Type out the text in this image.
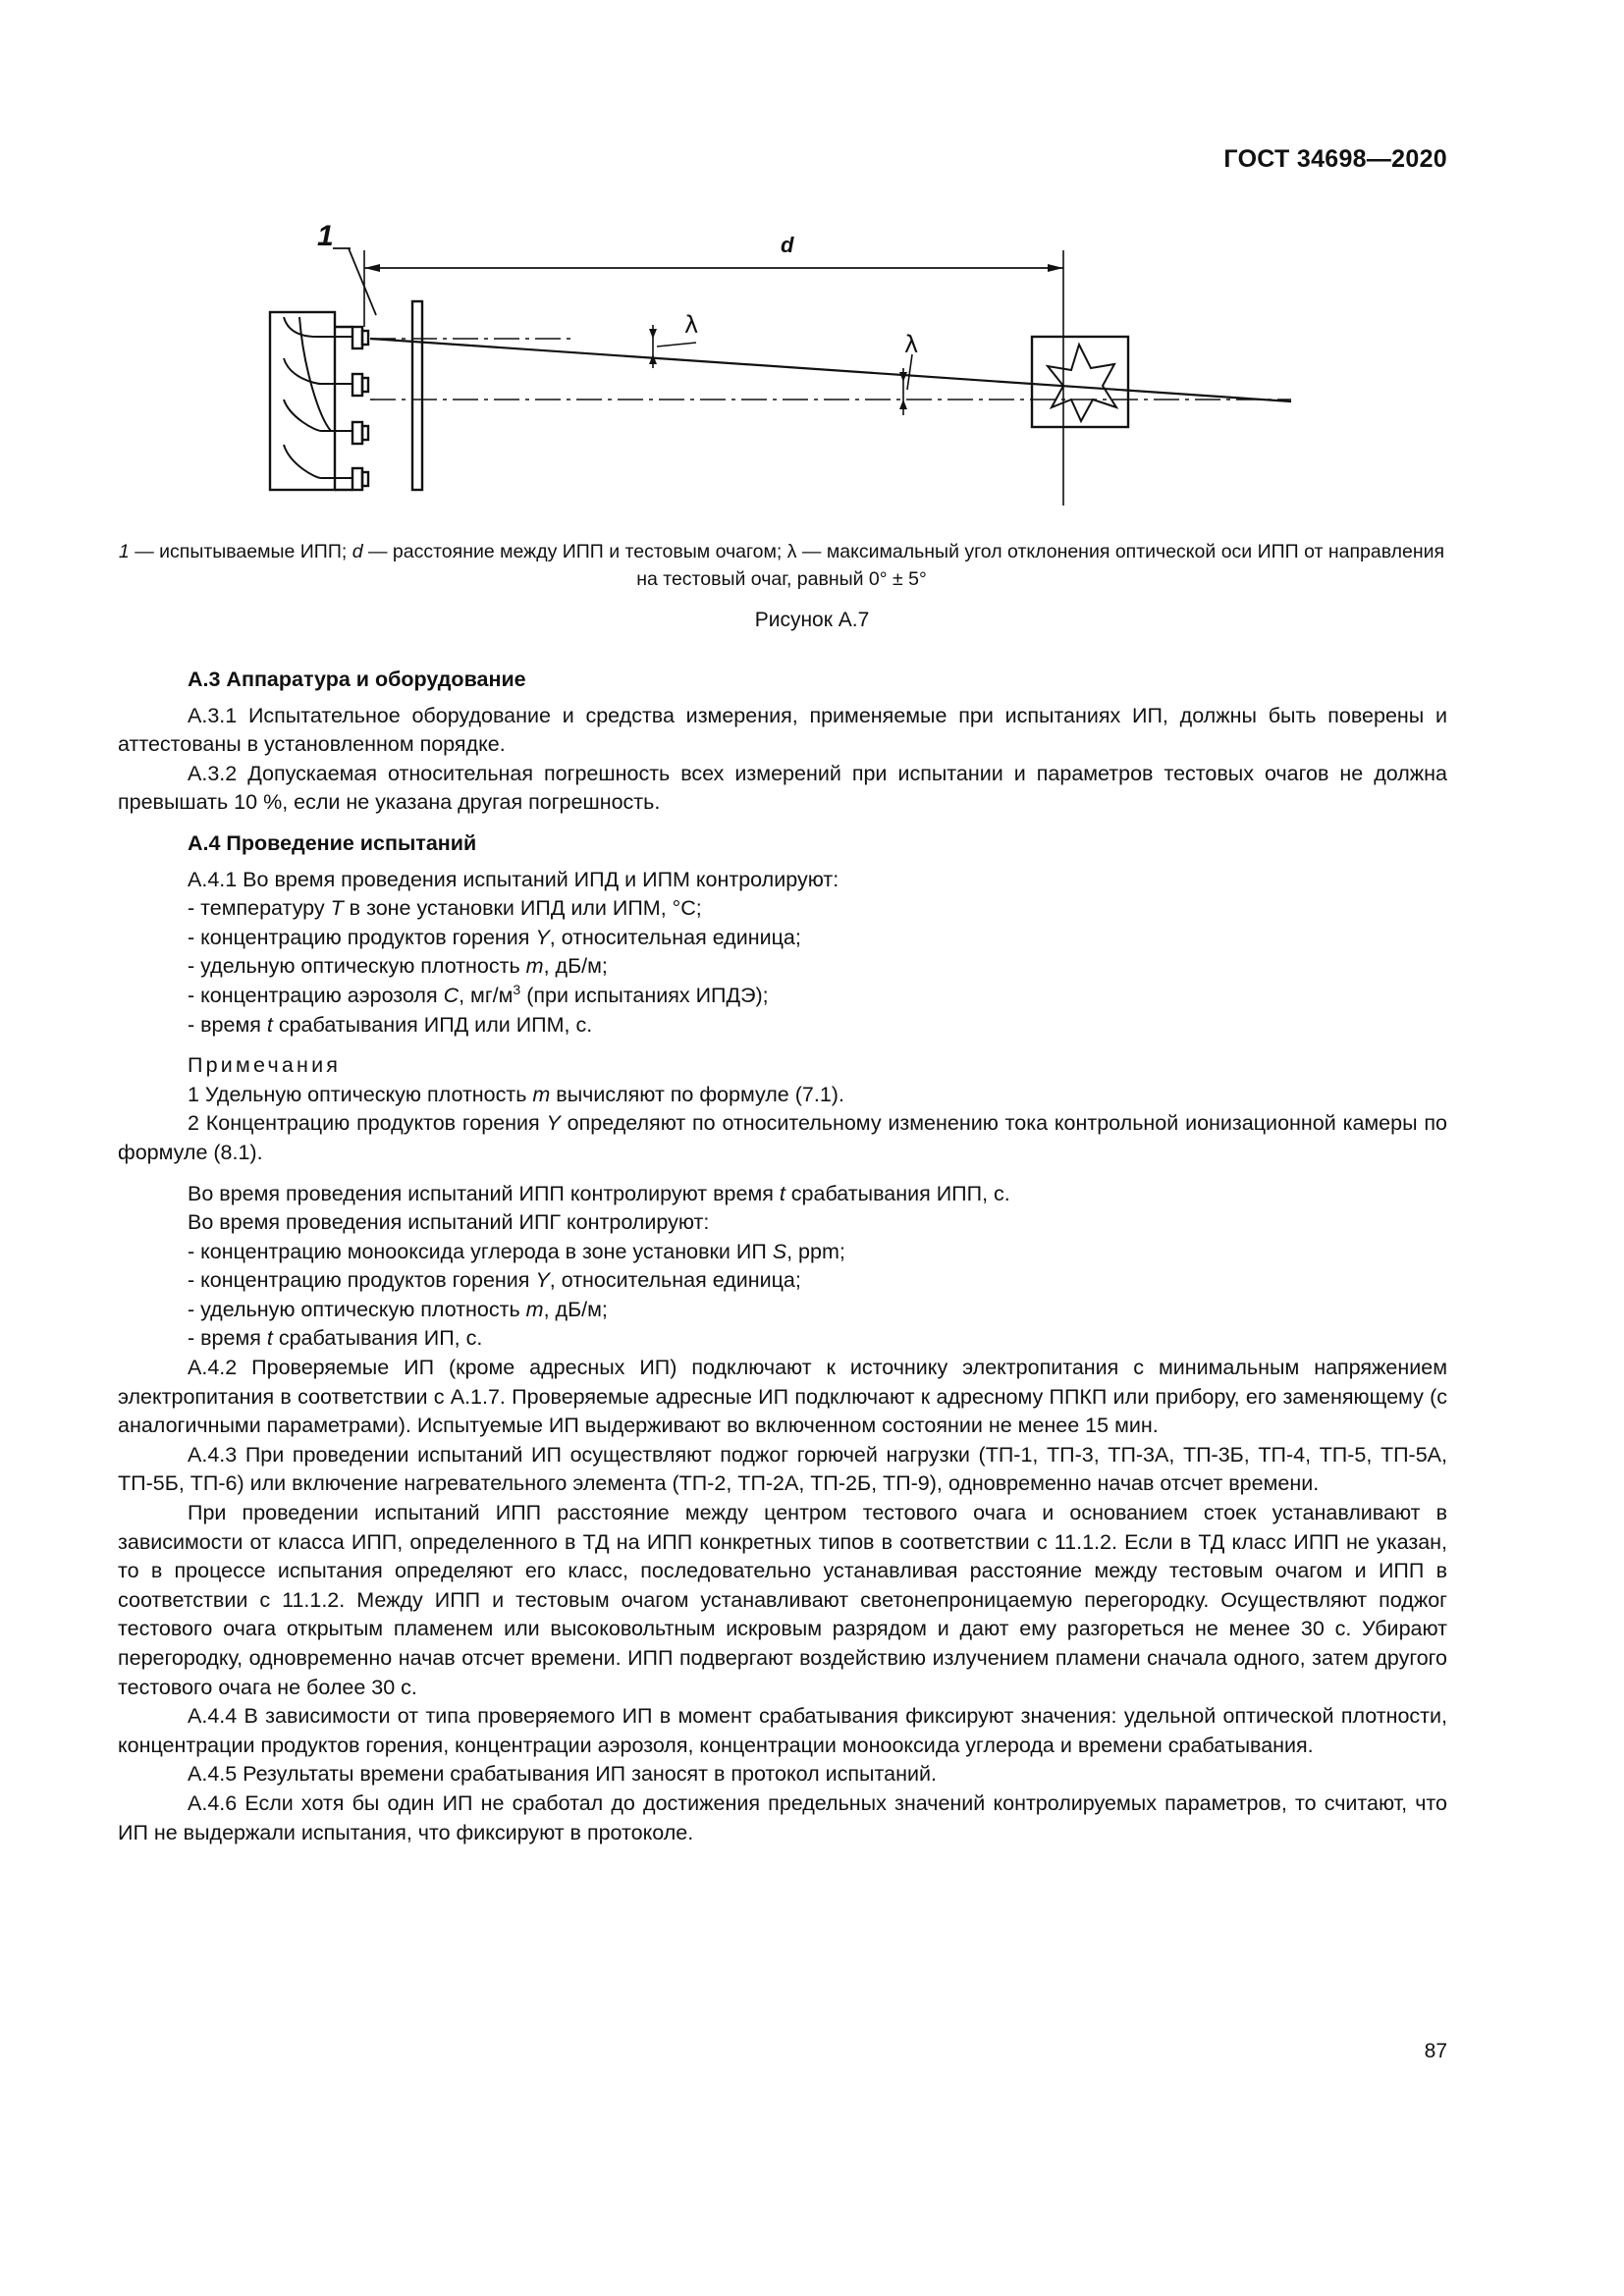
ГОСТ 34698—2020
1	d
λ
λ
1 — испытываемые ИПП; d — расстояние между ИПП и тестовым очагом; λ — максимальный угол отклонения оптической оси ИПП от направления на тестовый очаг, равный 0° ± 5°
Рисунок А.7

А.3 Аппаратура и оборудование

А.3.1 Испытательное оборудование и средства измерения, применяемые при испытаниях ИП, должны быть поверены и аттестованы в установленном порядке.

А.3.2 Допускаемая относительная погрешность всех измерений при испытании и параметров тестовых очагов не должна превышать 10 %, если не указана другая погрешность.

А.4 Проведение испытаний

А.4.1 Во время проведения испытаний ИПД и ИПМ контролируют:

- температуру T в зоне установки ИПД или ИПМ, °С;

- концентрацию продуктов горения Y, относительная единица;

- удельную оптическую плотность m, дБ/м;

- концентрацию аэрозоля C, $мг/м^3$ (при испытаниях ИПДЭ);

- время t срабатывания ИПД или ИПМ, с.

Примечания

1 Удельную оптическую плотность m вычисляют по формуле (7.1).

2 Концентрацию продуктов горения Y определяют по относительному изменению тока контрольной ионизационной камеры по формуле (8.1).

Во время проведения испытаний ИПП контролируют время t срабатывания ИПП, с.

Во время проведения испытаний ИПГ контролируют:

- концентрацию монооксида углерода в зоне установки ИП S, ppm;

- концентрацию продуктов горения Y, относительная единица;

- удельную оптическую плотность m, дБ/м;

- время t срабатывания ИП, с.

А.4.2 Проверяемые ИП (кроме адресных ИП) подключают к источнику электропитания с минимальным напряжением электропитания в соответствии с А.1.7. Проверяемые адресные ИП подключают к адресному ППКП или прибору, его заменяющему (с аналогичными параметрами). Испытуемые ИП выдерживают во включенном состоянии не менее 15 мин.

А.4.3 При проведении испытаний ИП осуществляют поджог горючей нагрузки (ТП-1, ТП-3, ТП-3А, ТП-3Б, ТП-4, ТП-5, ТП-5А, ТП-5Б, ТП-6) или включение нагревательного элемента (ТП-2, ТП-2А, ТП-2Б, ТП-9), одновременно начав отсчет времени.

При проведении испытаний ИПП расстояние между центром тестового очага и основанием стоек устанавливают в зависимости от класса ИПП, определенного в ТД на ИПП конкретных типов в соответствии с 11.1.2. Если в ТД класс ИПП не указан, то в процессе испытания определяют его класс, последовательно устанавливая расстояние между тестовым очагом и ИПП в соответствии с 11.1.2. Между ИПП и тестовым очагом устанавливают светонепроницаемую перегородку. Осуществляют поджог тестового очага открытым пламенем или высоковольтным искровым разрядом и дают ему разгореться не менее 30 с. Убирают перегородку, одновременно начав отсчет времени. ИПП подвергают воздействию излучением пламени сначала одного, затем другого тестового очага не более 30 с.

А.4.4 В зависимости от типа проверяемого ИП в момент срабатывания фиксируют значения: удельной оптической плотности, концентрации продуктов горения, концентрации аэрозоля, концентрации монооксида углерода и времени срабатывания.

А.4.5 Результаты времени срабатывания ИП заносят в протокол испытаний.

А.4.6 Если хотя бы один ИП не сработал до достижения предельных значений контролируемых параметров, то считают, что ИП не выдержали испытания, что фиксируют в протоколе.

87
